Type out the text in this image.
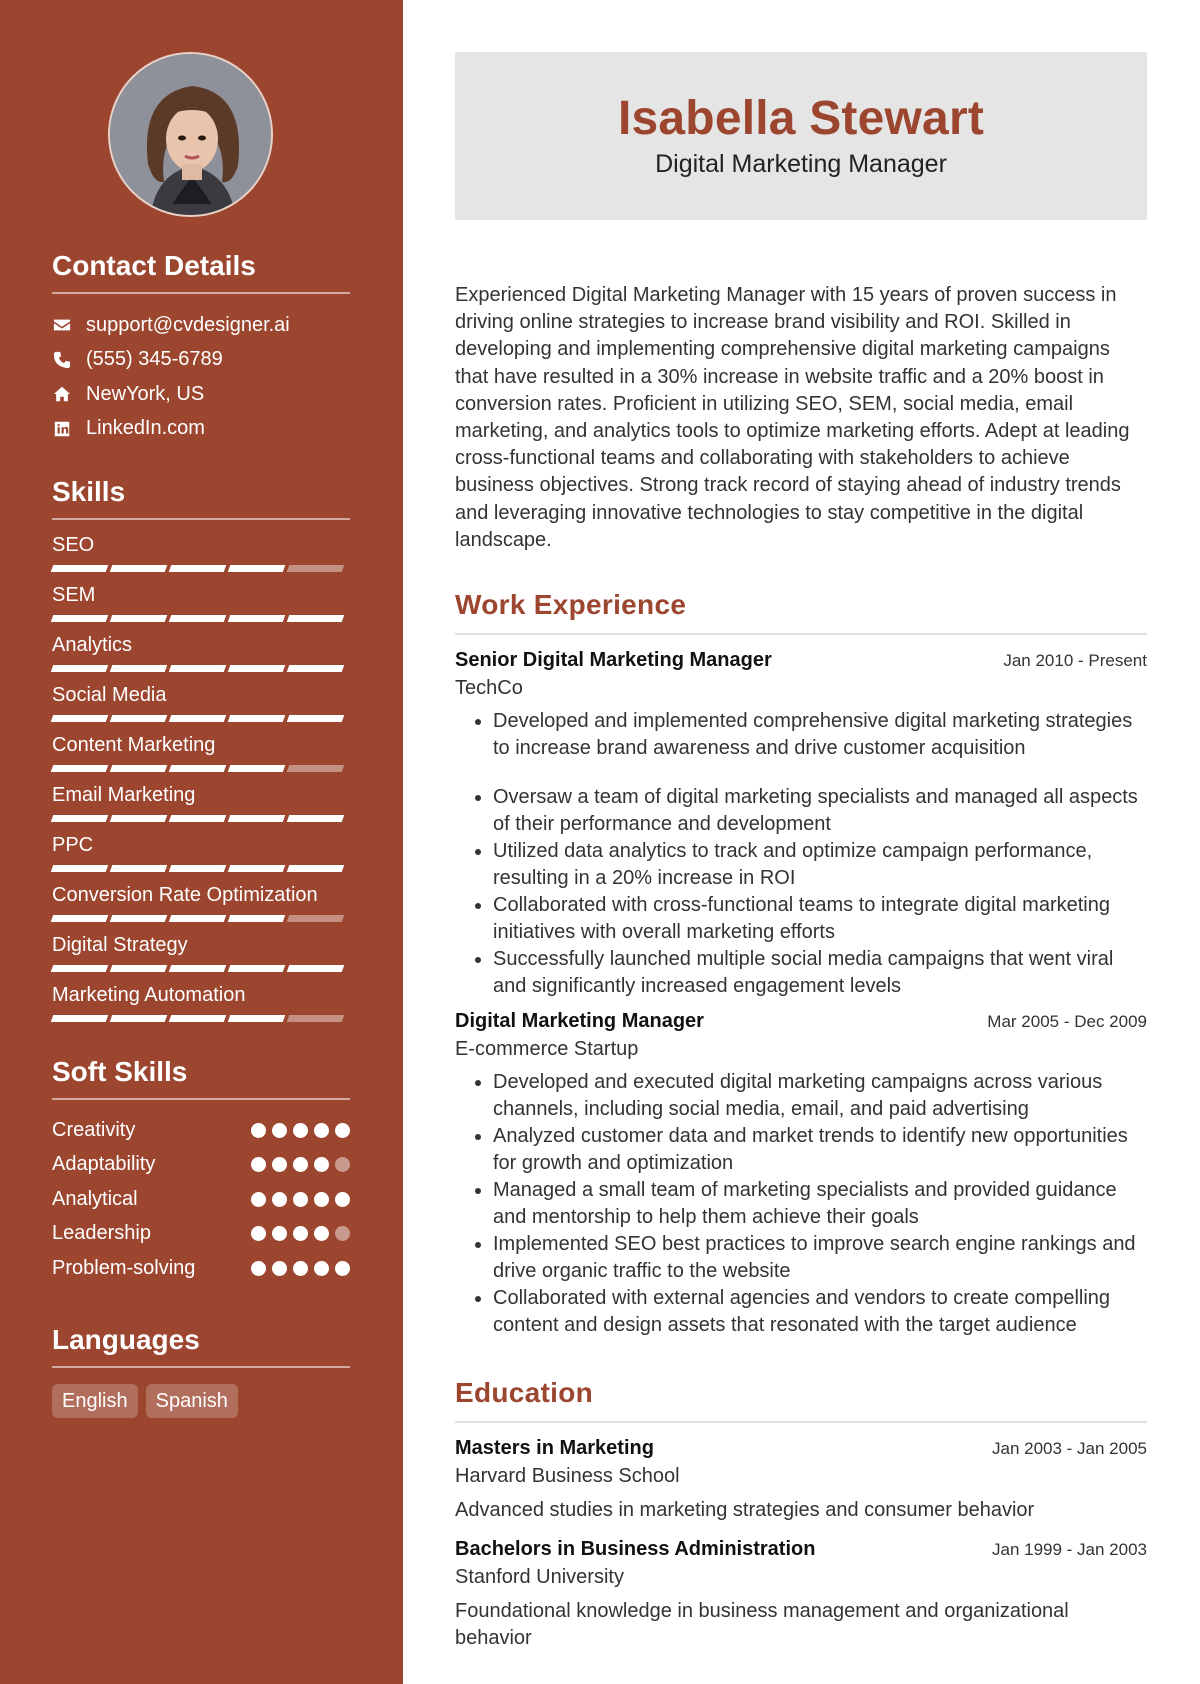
Contact Details
support@cvdesigner.ai
(555) 345-6789
NewYork, US
LinkedIn.com
Skills
SEO
SEM
Analytics
Social Media
Content Marketing
Email Marketing
PPC
Conversion Rate Optimization
Digital Strategy
Marketing Automation
Soft Skills
Creativity
Adaptability
Analytical
Leadership
Problem-solving
Languages
English	Spanish
Isabella Stewart
Digital Marketing Manager

Experienced Digital Marketing Manager with 15 years of proven success in driving online strategies to increase brand visibility and ROI. Skilled in developing and implementing comprehensive digital marketing campaigns that have resulted in a 30% increase in website traffic and a 20% boost in conversion rates. Proficient in utilizing SEO, SEM, social media, email marketing, and analytics tools to optimize marketing efforts. Adept at leading cross-functional teams and collaborating with stakeholders to achieve business objectives. Strong track record of staying ahead of industry trends and leveraging innovative technologies to stay competitive in the digital landscape.

Work Experience
Senior Digital Marketing Manager	Jan 2010 - Present
TechCo
• Developed and implemented comprehensive digital marketing strategies to increase brand awareness and drive customer acquisition
• Oversaw a team of digital marketing specialists and managed all aspects of their performance and development
• Utilized data analytics to track and optimize campaign performance, resulting in a 20% increase in ROI
• Collaborated with cross-functional teams to integrate digital marketing initiatives with overall marketing efforts
• Successfully launched multiple social media campaigns that went viral and significantly increased engagement levels
Digital Marketing Manager	Mar 2005 - Dec 2009
E-commerce Startup
• Developed and executed digital marketing campaigns across various channels, including social media, email, and paid advertising
• Analyzed customer data and market trends to identify new opportunities for growth and optimization
• Managed a small team of marketing specialists and provided guidance and mentorship to help them achieve their goals
• Implemented SEO best practices to improve search engine rankings and drive organic traffic to the website
• Collaborated with external agencies and vendors to create compelling content and design assets that resonated with the target audience
Education
Masters in Marketing	Jan 2003 - Jan 2005
Harvard Business School
Advanced studies in marketing strategies and consumer behavior
Bachelors in Business Administration	Jan 1999 - Jan 2003
Stanford University
Foundational knowledge in business management and organizational behavior
